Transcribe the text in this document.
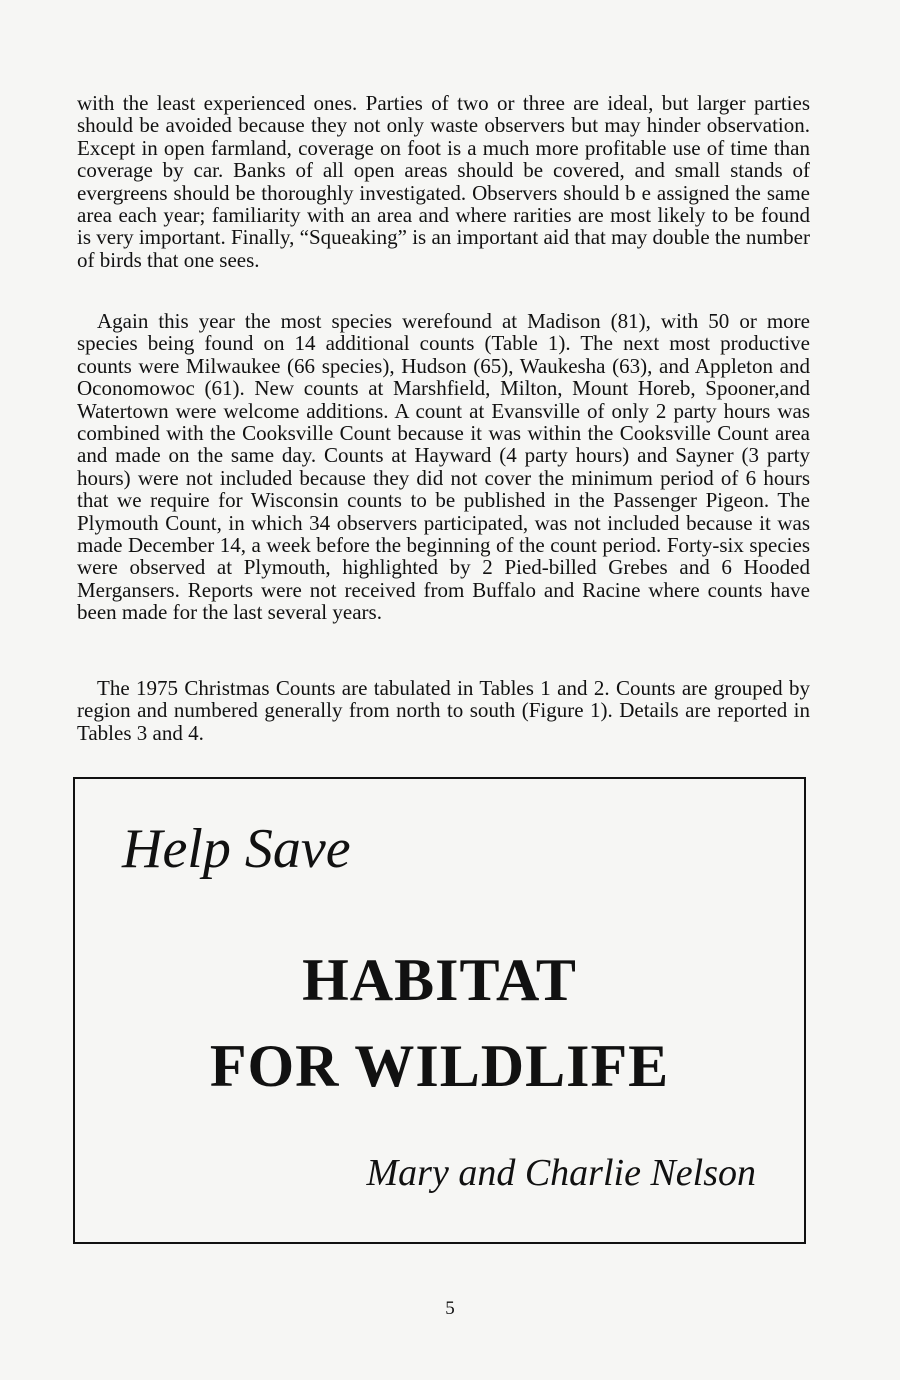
with the least experienced ones. Parties of two or three are ideal, but larger parties should be avoided because they not only waste observers but may hinder observation. Except in open farmland, coverage on foot is a much more profitable use of time than coverage by car. Banks of all open areas should be covered, and small stands of evergreens should be thoroughly investigated. Observers should b e assigned the same area each year; familiarity with an area and where rarities are most likely to be found is very important. Finally, “Squeaking” is an important aid that may double the number of birds that one sees.

Again this year the most species werefound at Madison (81), with 50 or more species being found on 14 additional counts (Table 1). The next most productive counts were Milwaukee (66 species), Hudson (65), Waukesha (63), and Appleton and Oconomowoc (61). New counts at Marshfield, Milton, Mount Horeb, Spooner,and Watertown were welcome additions. A count at Evansville of only 2 party hours was combined with the Cooksville Count because it was within the Cooksville Count area and made on the same day. Counts at Hayward (4 party hours) and Sayner (3 party hours) were not included because they did not cover the minimum period of 6 hours that we require for Wisconsin counts to be published in the Passenger Pigeon. The Plymouth Count, in which 34 observers participated, was not included because it was made December 14, a week before the beginning of the count period. Forty-six species were observed at Plymouth, highlighted by 2 Pied-billed Grebes and 6 Hooded Mergansers. Reports were not received from Buffalo and Racine where counts have been made for the last several years.

The 1975 Christmas Counts are tabulated in Tables 1 and 2. Counts are grouped by region and numbered generally from north to south (Figure 1). Details are reported in Tables 3 and 4.

Help Save
HABITAT
FOR WILDLIFE
Mary and Charlie Nelson
5
